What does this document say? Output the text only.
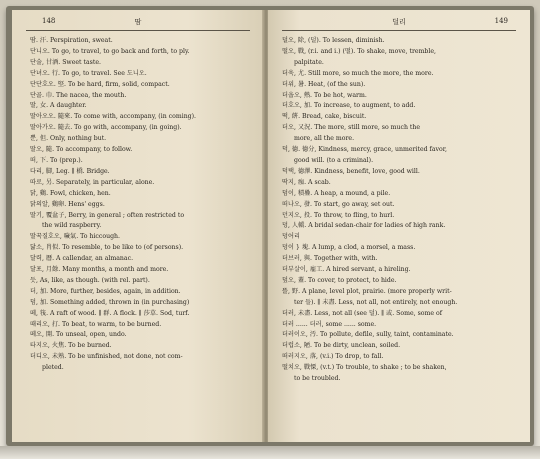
148	땀
땀. 汗. Perspiration, sweat.
단니오. To go, to travel, to go back and forth, to ply.
단술, 甘酒. Sweet taste.
단녀오. 行. To go, to travel. See 도니오.
단단호오. 堅. To be hard, firm, solid, compact.
단골. 巾. The nacea, the mouth.
딸, 女. A daughter.
딸아오오. 隨來. To come with, accompany, (in coming).
딸아가오. 隨去. To go with, accompany, (in going).
뿐, 但. Only, nothing but.
딸오, 隨. To accompany, to follow.
떠, 下. To (prep.).
다리, 脚, Leg. ∥ 橋. Bridge.
따로, 另. Separately, in particular, alone.
닭, 鷄. Fowl, chicken, hen.
닭의알, 鷄卵. Hens' eggs.
딸기, 覆盆子, Berry, in general ; often restricted to
the wild raspberry.
딸꾹질호오, 噦氣. To hiccough.
닮소, 肖似. To resemble, to be like to (of persons).
달력, 曆. A callendar, an almanac.
달포, 月餘. Many months, a month and more.
듯, As, like, as though. (with rel. part).
더, 加. More, further, besides, again, in addition.
덤, 加. Something added, thrown in (in purchasing)
떼, 筏. A raft of wood. ∥ 群. A flock. ∥ 莎草. Sod, turf.
때리오, 打. To beat, to warm, to be burned.
떼오, 開. To unseal, open, undo.
타지오, 火焦. To be burned.
더디오, 未熟. To be unfinished, not done, not com-
pleted.
덜리	149
덜오, 除, (덜). To lessen, diminish.
떨오, 戰, (r.i. and i.) (떨). To shake, move, tremble,
palpitate.
더욱, 尤. Still more, so much the more, the more.
더위, 暑. Heat, (of the sun).
더웁오, 熱. To be hot, warm.
더호오, 加. To increase, to augment, to add.
떡, 餠. Bread, cake, biscuit.
더오, 又況. The more, still more, so much the
more, all the more.
덕, 德. 德分, Kindness, mercy, grace, unmerited favor,
good will. (to a criminal).
덕택, 德澤. Kindness, benefit, love, good will.
딱지, 痂. A scab.
덤이, 積疊. A heap, a mound, a pile.
떠나오, 發. To start, go away, set out.
던지오, 投. To throw, to fling, to hurl.
덩, 人轎. A bridal sedan-chair for ladies of high rank.
덩어리
덩이 } 塊. A lump, a clod, a morsel, a mass.
더브러, 與. Together with, with.
더부살이, 雇工. A hired servant, a hireling.
덮오, 蓋. To cover, to protect, to hide.
뜰, 野. A plane, level plot, prairie. (more properly writ-
ter 들). ∥ 未盡. Less, not all, not entirely, not enough.
더러, 未盡. Less, not all (see 덜). ∥ 或. Some, some of
더러 ...... 더러, some ...... some.
더러이오, 汚. To pollute, defile, sully, taint, contaminate.
더럽소, 陋. To be dirty, unclean, soiled.
떠러지오, 落, (v.i.) To drop, to fall.
떨치오, 戰慄, (v.t.) To trouble, to shake ; to be shaken,
to be troubled.
